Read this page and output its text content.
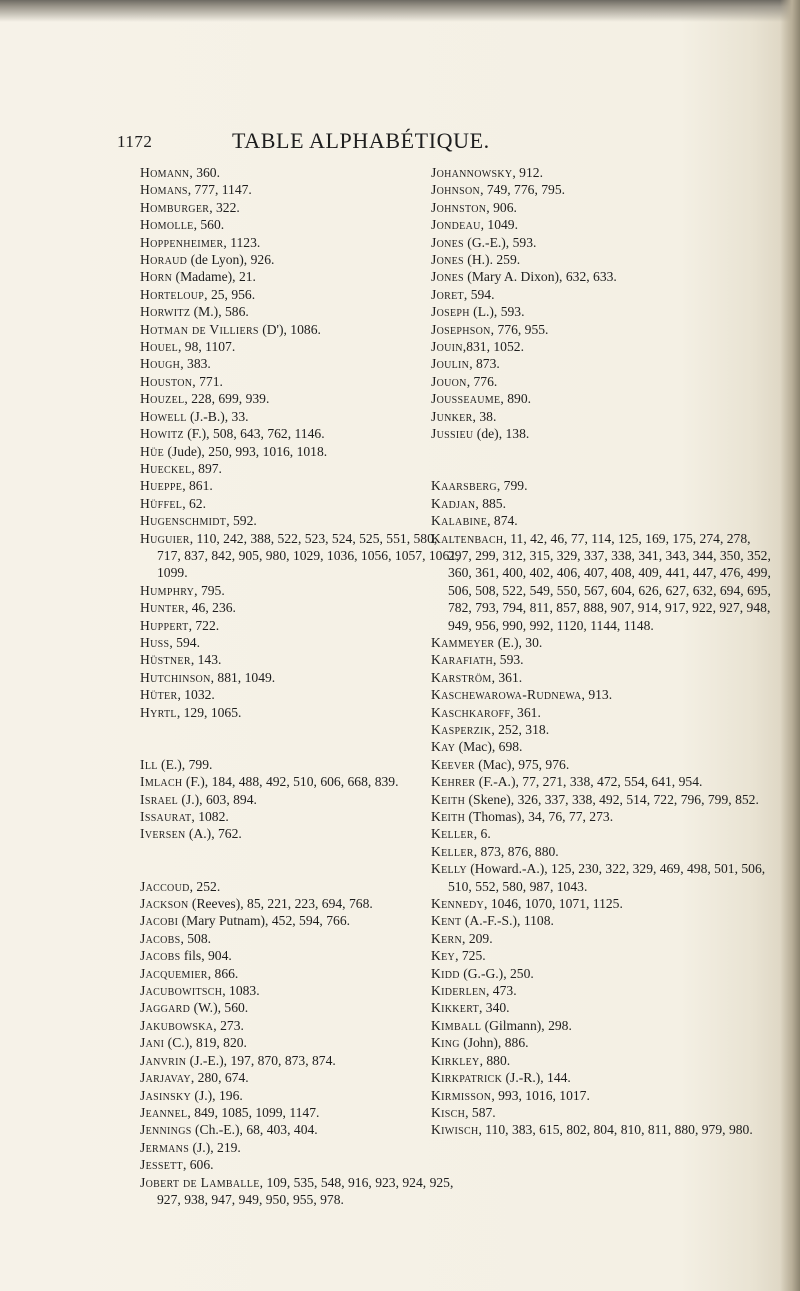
1172	TABLE ALPHABÉTIQUE.
Homann, 360.
Homans, 777, 1147.
Homburger, 322.
Homolle, 560.
Hoppenheimer, 1123.
Horaud (de Lyon), 926.
Horn (Madame), 21.
Horteloup, 25, 956.
Horwitz (M.), 586.
Hotman de Villiers (D'), 1086.
Houel, 98, 1107.
Hough, 383.
Houston, 771.
Houzel, 228, 699, 939.
Howell (J.-B.), 33.
Howitz (F.), 508, 643, 762, 1146.
Hüe (Jude), 250, 993, 1016, 1018.
Hueckel, 897.
Hueppe, 861.
Hüffel, 62.
Hugenschmidt, 592.
Huguier, 110, 242, 388, 522, 523, 524, 525, 551, 580, 717, 837, 842, 905, 980, 1029, 1036, 1056, 1057, 1061, 1099.
Humphry, 795.
Hunter, 46, 236.
Huppert, 722.
Huss, 594.
Hüstner, 143.
Hutchinson, 881, 1049.
Hüter, 1032.
Hyrtl, 129, 1065.
Ill (E.), 799.
Imlach (F.), 184, 488, 492, 510, 606, 668, 839.
Israel (J.), 603, 894.
Issaurat, 1082.
Iversen (A.), 762.
Jaccoud, 252.
Jackson (Reeves), 85, 221, 223, 694, 768.
Jacobi (Mary Putnam), 452, 594, 766.
Jacobs, 508.
Jacobs fils, 904.
Jacquemier, 866.
Jacubowitsch, 1083.
Jaggard (W.), 560.
Jakubowska, 273.
Jani (C.), 819, 820.
Janvrin (J.-E.), 197, 870, 873, 874.
Jarjavay, 280, 674.
Jasinsky (J.), 196.
Jeannel, 849, 1085, 1099, 1147.
Jennings (Ch.-E.), 68, 403, 404.
Jermans (J.), 219.
Jessett, 606.
Jobert de Lamballe, 109, 535, 548, 916, 923, 924, 925, 927, 938, 947, 949, 950, 955, 978.
Johannowsky, 912.
Johnson, 749, 776, 795.
Johnston, 906.
Jondeau, 1049.
Jones (G.-E.), 593.
Jones (H.). 259.
Jones (Mary A. Dixon), 632, 633.
Joret, 594.
Joseph (L.), 593.
Josephson, 776, 955.
Jouin,831, 1052.
Joulin, 873.
Jouon, 776.
Jousseaume, 890.
Junker, 38.
Jussieu (de), 138.
Kaarsberg, 799.
Kadjan, 885.
Kalabine, 874.
Kaltenbach, 11, 42, 46, 77, 114, 125, 169, 175, 274, 278, 297, 299, 312, 315, 329, 337, 338, 341, 343, 344, 350, 352, 360, 361, 400, 402, 406, 407, 408, 409, 441, 447, 476, 499, 506, 508, 522, 549, 550, 567, 604, 626, 627, 632, 694, 695, 782, 793, 794, 811, 857, 888, 907, 914, 917, 922, 927, 948, 949, 956, 990, 992, 1120, 1144, 1148.
Kammeyer (E.), 30.
Karafiath, 593.
Karström, 361.
Kaschewarowa-Rudnewa, 913.
Kaschkaroff, 361.
Kasperzik, 252, 318.
Kay (Mac), 698.
Keever (Mac), 975, 976.
Kehrer (F.-A.), 77, 271, 338, 472, 554, 641, 954.
Keith (Skene), 326, 337, 338, 492, 514, 722, 796, 799, 852.
Keith (Thomas), 34, 76, 77, 273.
Keller, 6.
Keller, 873, 876, 880.
Kelly (Howard.-A.), 125, 230, 322, 329, 469, 498, 501, 506, 510, 552, 580, 987, 1043.
Kennedy, 1046, 1070, 1071, 1125.
Kent (A.-F.-S.), 1108.
Kern, 209.
Key, 725.
Kidd (G.-G.), 250.
Kiderlen, 473.
Kikkert, 340.
Kimball (Gilmann), 298.
King (John), 886.
Kirkley, 880.
Kirkpatrick (J.-R.), 144.
Kirmisson, 993, 1016, 1017.
Kisch, 587.
Kiwisch, 110, 383, 615, 802, 804, 810, 811, 880, 979, 980.
